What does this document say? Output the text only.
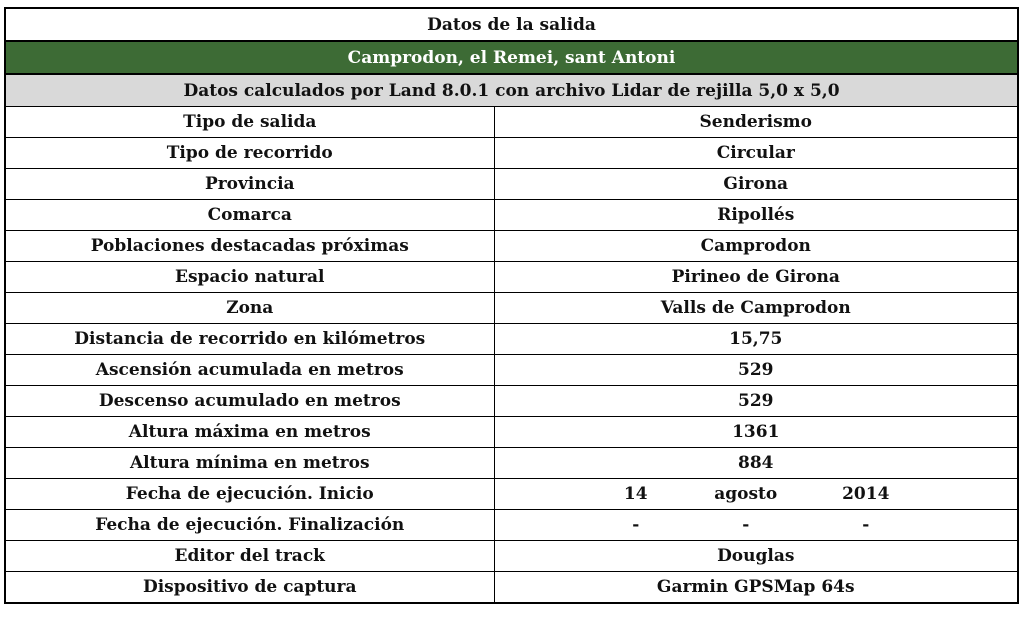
Datos de la salida	
Camprodon, el Remei, sant Antoni	
Datos calculados por Land 8.0.1 con archivo Lidar de rejilla 5,0 x 5,0	
Tipo de salida	Senderismo
Tipo de recorrido	Circular
Provincia	Girona
Comarca	Ripollés
Poblaciones destacadas próximas	Camprodon
Espacio natural	Pirineo de Girona
Zona	Valls de Camprodon
Distancia de recorrido en kilómetros	15,75
Ascensión acumulada en metros	529
Descenso acumulado en metros	529
Altura máxima en metros	1361
Altura mínima en metros	884
Fecha de ejecución. Inicio	14 agosto 2014
Fecha de ejecución. Finalización	- - -
Editor del track	Douglas
Dispositivo de captura	Garmin GPSMap 64s
